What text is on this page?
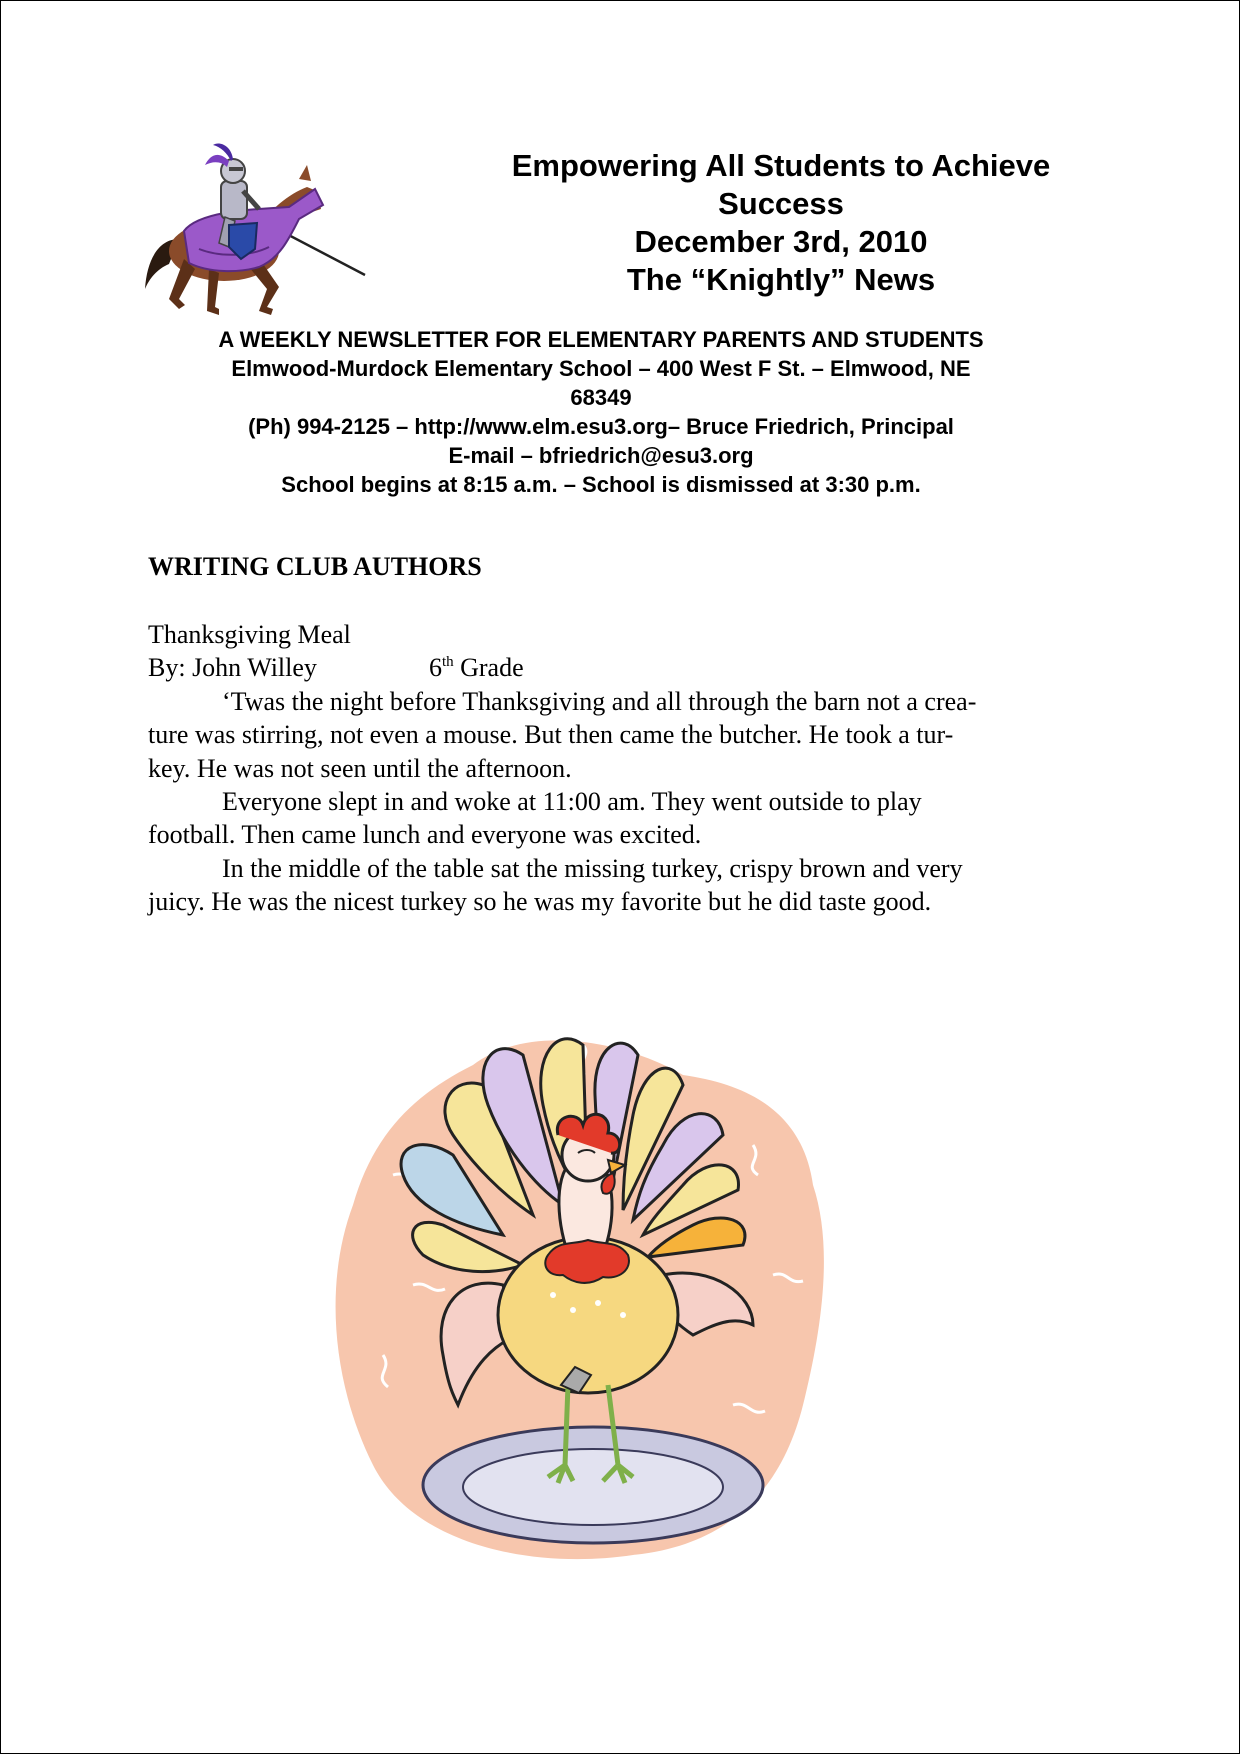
Empowering All Students to Achieve
Success
December 3rd, 2010
The “Knightly” News
A WEEKLY NEWSLETTER FOR ELEMENTARY PARENTS AND STUDENTS
Elmwood-Murdock Elementary School – 400 West F St. – Elmwood, NE
68349
(Ph) 994-2125 – http://www.elm.esu3.org– Bruce Friedrich, Principal
E-mail – bfriedrich@esu3.org
School begins at 8:15 a.m. – School is dismissed at 3:30 p.m.
WRITING CLUB AUTHORS
Thanksgiving Meal
By: John Willey	6th Grade
‘Twas the night before Thanksgiving and all through the barn not a crea-
ture was stirring, not even a mouse. But then came the butcher. He took a tur-
key. He was not seen until the afternoon.
Everyone slept in and woke at 11:00 am. They went outside to play
football. Then came lunch and everyone was excited.
In the middle of the table sat the missing turkey, crispy brown and very
juicy. He was the nicest turkey so he was my favorite but he did taste good.
